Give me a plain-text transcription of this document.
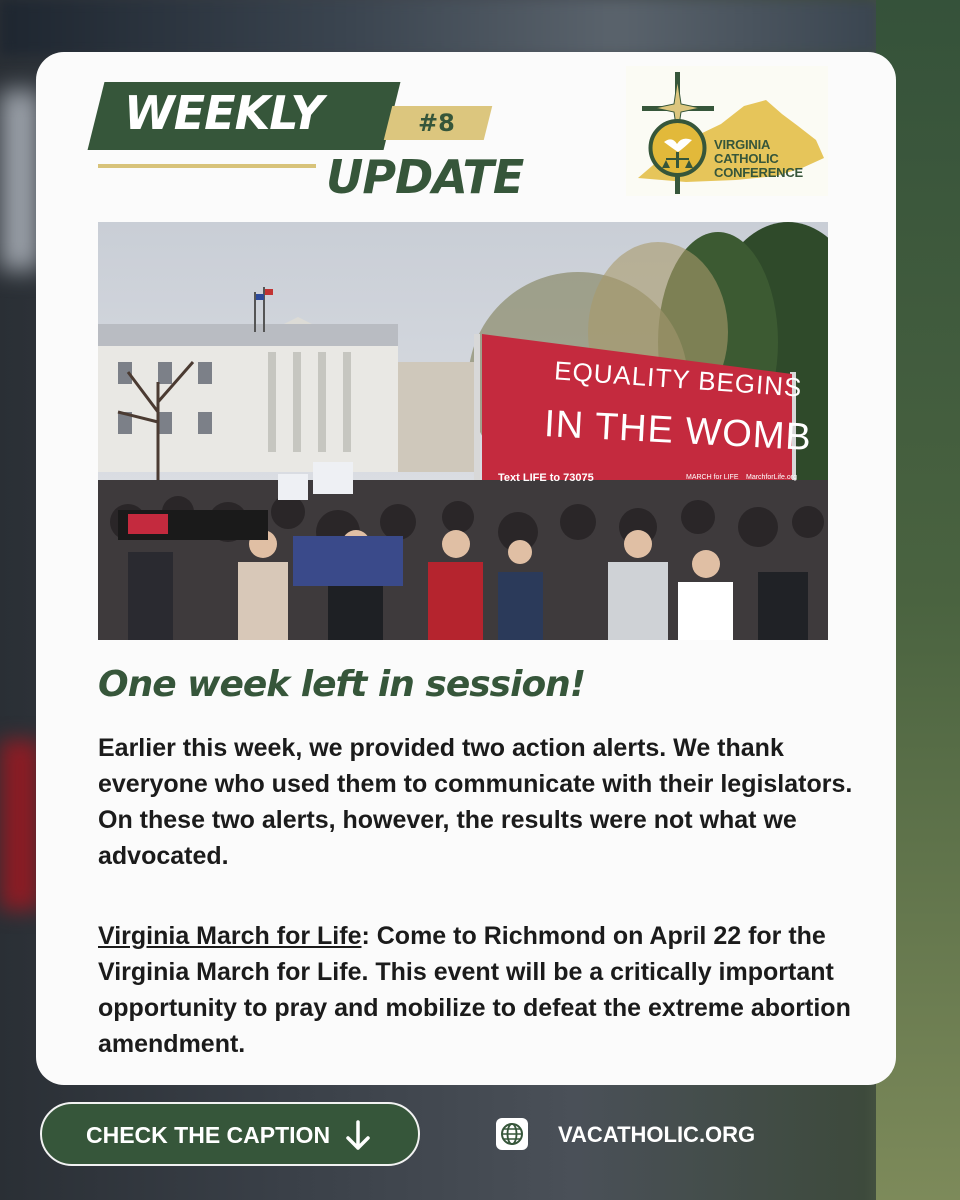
WEEKLY	#8
UPDATE
VIRGINIA CATHOLIC CONFERENCE
EQUALITY BEGINS
IN THE WOMB
Text LIFE to 73075	MARCH for LIFE MarchforLife.org
One week left in session!
Earlier this week, we provided two action alerts. We thank everyone who used them to communicate with their legislators. On these two alerts, however, the results were not what we advocated.
Virginia March for Life: Come to Richmond on April 22 for the Virginia March for Life. This event will be a critically important opportunity to pray and mobilize to defeat the extreme abortion amendment.
CHECK THE CAPTION	VACATHOLIC.ORG
